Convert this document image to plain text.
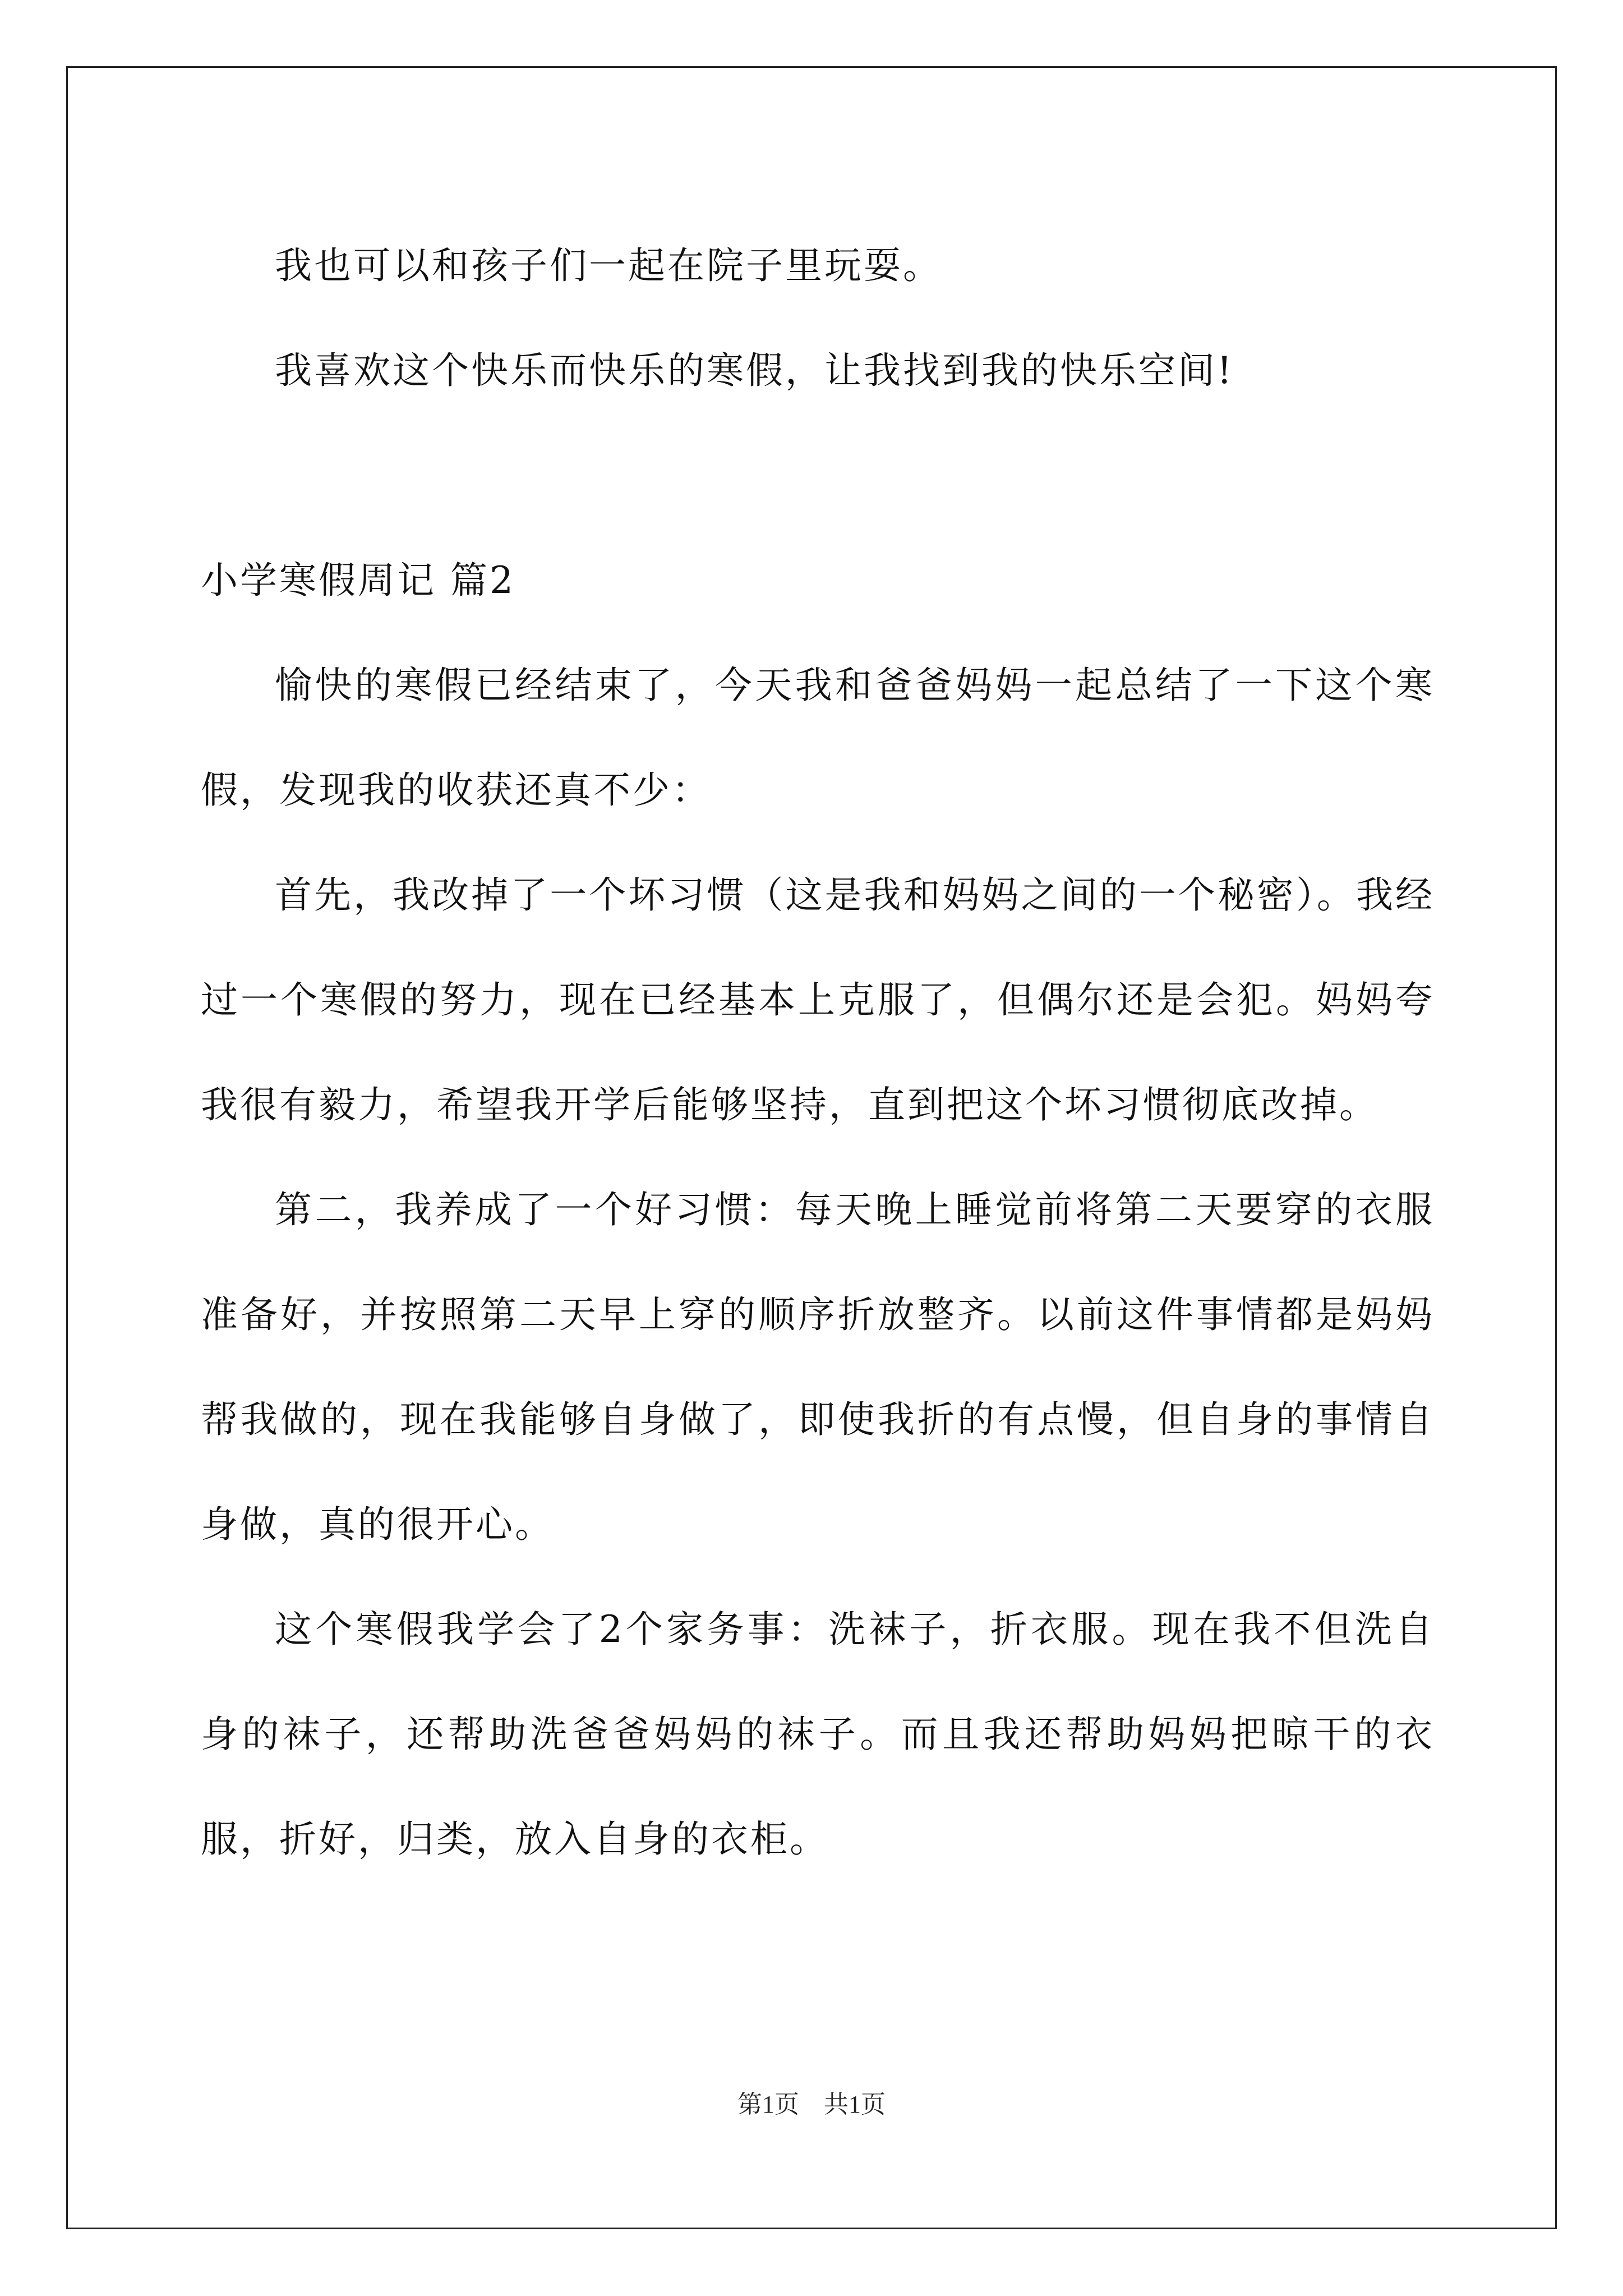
我也可以和孩子们一起在院子里玩耍。

我喜欢这个快乐而快乐的寒假，让我找到我的快乐空间!

小学寒假周记 篇2

愉快的寒假已经结束了，今天我和爸爸妈妈一起总结了一下这个寒假，发现我的收获还真不少：

首先，我改掉了一个坏习惯（这是我和妈妈之间的一个秘密）。我经过一个寒假的努力，现在已经基本上克服了，但偶尔还是会犯。妈妈夸我很有毅力，希望我开学后能够坚持，直到把这个坏习惯彻底改掉。

第二，我养成了一个好习惯：每天晚上睡觉前将第二天要穿的衣服准备好，并按照第二天早上穿的顺序折放整齐。以前这件事情都是妈妈帮我做的，现在我能够自身做了，即使我折的有点慢，但自身的事情自身做，真的很开心。

这个寒假我学会了2个家务事：洗袜子，折衣服。现在我不但洗自身的袜子，还帮助洗爸爸妈妈的袜子。而且我还帮助妈妈把晾干的衣服，折好，归类，放入自身的衣柜。

第1页　共1页
